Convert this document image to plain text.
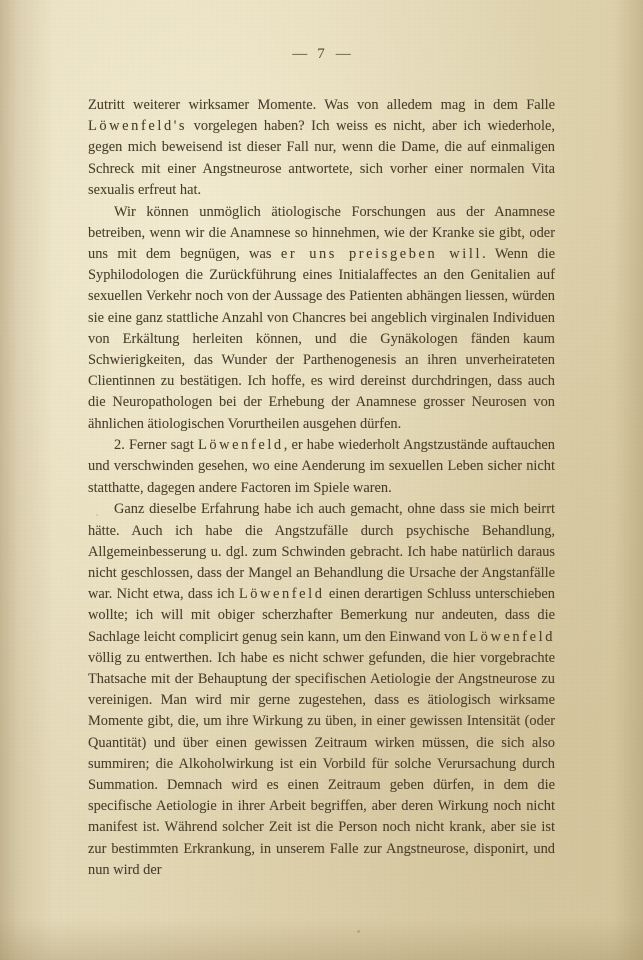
— 7 —

Zutritt weiterer wirksamer Momente. Was von alledem mag in dem Falle Löwenfeld's vorgelegen haben? Ich weiss es nicht, aber ich wiederhole, gegen mich beweisend ist dieser Fall nur, wenn die Dame, die auf einmaligen Schreck mit einer Angstneurose antwortete, sich vorher einer normalen Vita sexualis erfreut hat.

Wir können unmöglich ätiologische Forschungen aus der Anamnese betreiben, wenn wir die Anamnese so hinnehmen, wie der Kranke sie gibt, oder uns mit dem begnügen, was er uns preisgeben will. Wenn die Syphilodologen die Zurückführung eines Initialaffectes an den Genitalien auf sexuellen Verkehr noch von der Aussage des Patienten abhängen liessen, würden sie eine ganz stattliche Anzahl von Chancres bei angeblich virginalen Individuen von Erkältung herleiten können, und die Gynäkologen fänden kaum Schwierigkeiten, das Wunder der Parthenogenesis an ihren unverheirateten Clientinnen zu bestätigen. Ich hoffe, es wird dereinst durchdringen, dass auch die Neuropathologen bei der Erhebung der Anamnese grosser Neurosen von ähnlichen ätiologischen Vorurtheilen ausgehen dürfen.

2. Ferner sagt Löwenfeld, er habe wiederholt Angstzustände auftauchen und verschwinden gesehen, wo eine Aenderung im sexuellen Leben sicher nicht statthatte, dagegen andere Factoren im Spiele waren.

Ganz dieselbe Erfahrung habe ich auch gemacht, ohne dass sie mich beirrt hätte. Auch ich habe die Angstzufälle durch psychische Behandlung, Allgemeinbesserung u. dgl. zum Schwinden gebracht. Ich habe natürlich daraus nicht geschlossen, dass der Mangel an Behandlung die Ursache der Angstanfälle war. Nicht etwa, dass ich Löwenfeld einen derartigen Schluss unterschieben wollte; ich will mit obiger scherzhafter Bemerkung nur andeuten, dass die Sachlage leicht complicirt genug sein kann, um den Einwand von Löwenfeld völlig zu entwerthen. Ich habe es nicht schwer gefunden, die hier vorgebrachte Thatsache mit der Behauptung der specifischen Aetiologie der Angstneurose zu vereinigen. Man wird mir gerne zugestehen, dass es ätiologisch wirksame Momente gibt, die, um ihre Wirkung zu üben, in einer gewissen Intensität (oder Quantität) und über einen gewissen Zeitraum wirken müssen, die sich also summiren; die Alkoholwirkung ist ein Vorbild für solche Verursachung durch Summation. Demnach wird es einen Zeitraum geben dürfen, in dem die specifische Aetiologie in ihrer Arbeit begriffen, aber deren Wirkung noch nicht manifest ist. Während solcher Zeit ist die Person noch nicht krank, aber sie ist zur bestimmten Erkrankung, in unserem Falle zur Angstneurose, disponirt, und nun wird der
